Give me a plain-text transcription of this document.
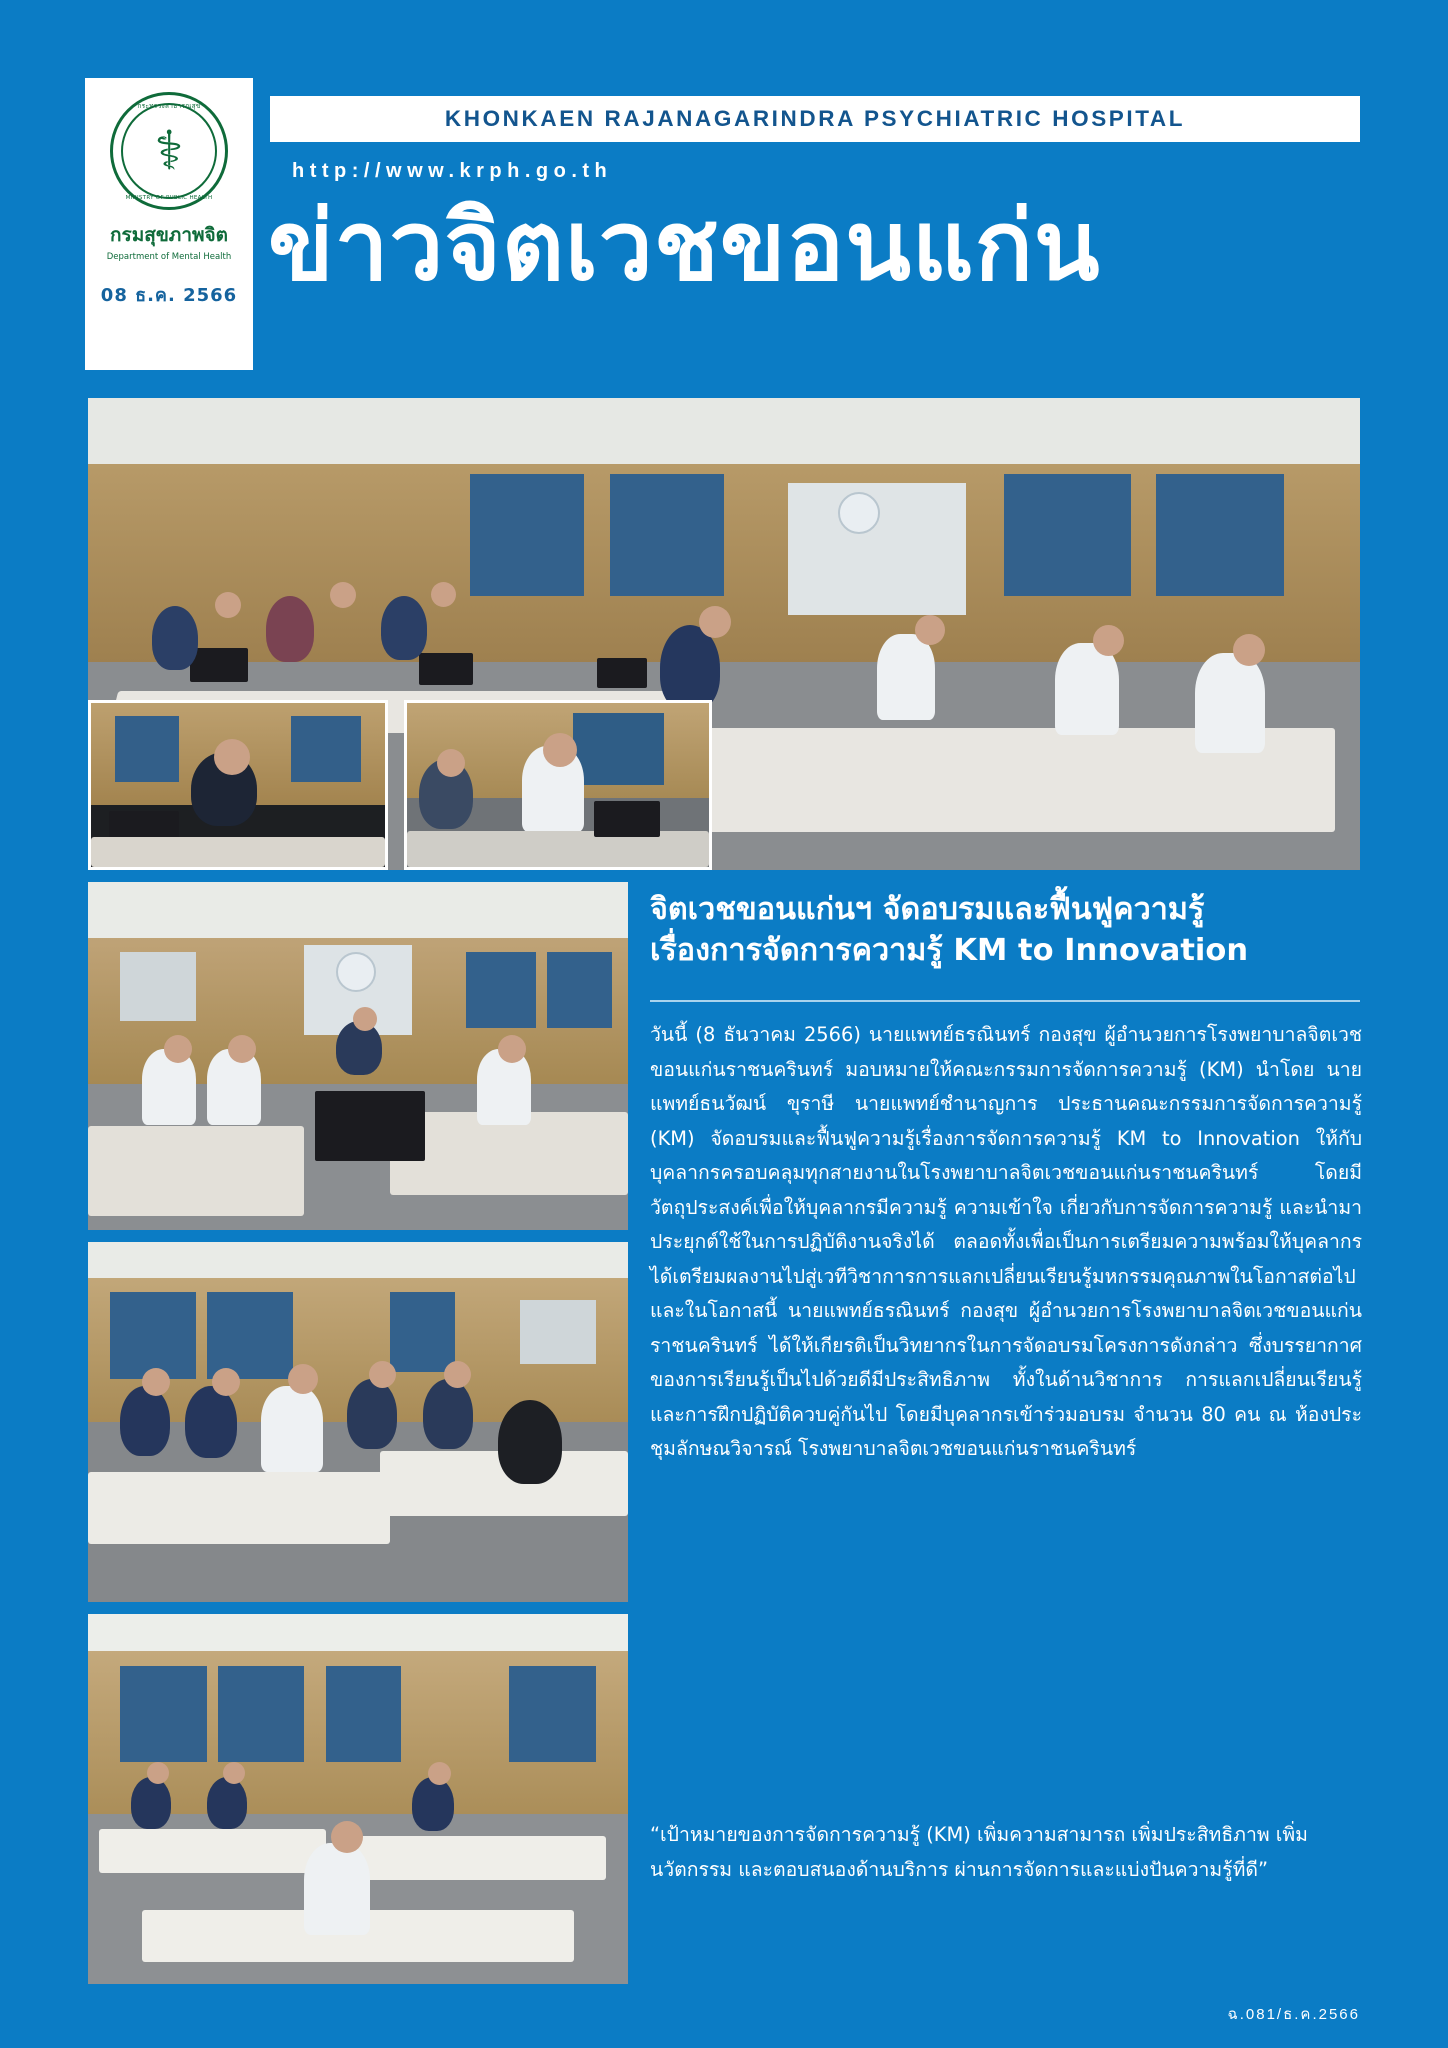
กระทรวงสาธารณสุข
⚕
MINISTRY OF PUBLIC HEALTH
กรมสุขภาพจิต
Department of Mental Health
08 ธ.ค. 2566
KHONKAEN RAJANAGARINDRA PSYCHIATRIC HOSPITAL
http://www.krph.go.th
ข่าวจิตเวชขอนแก่น
จิตเวชขอนแก่นฯ จัดอบรมและฟื้นฟูความรู้
เรื่องการจัดการความรู้ KM to Innovation
วันนี้ (8 ธันวาคม 2566) นายแพทย์ธรณินทร์ กองสุข ผู้อำนวยการโรงพยาบาลจิตเวชขอนแก่นราชนครินทร์ มอบหมายให้คณะกรรมการจัดการความรู้ (KM) นำโดย นายแพทย์ธนวัฒน์ ขุราษี นายแพทย์ชำนาญการ ประธานคณะกรรมการจัดการความรู้ (KM) จัดอบรมและฟื้นฟูความรู้เรื่องการจัดการความรู้ KM to Innovation ให้กับบุคลากรครอบคลุมทุกสายงานในโรงพยาบาลจิตเวชขอนแก่นราชนครินทร์ โดยมีวัตถุประสงค์เพื่อให้บุคลากรมีความรู้ ความเข้าใจ เกี่ยวกับการจัดการความรู้ และนำมาประยุกต์ใช้ในการปฏิบัติงานจริงได้ ตลอดทั้งเพื่อเป็นการเตรียมความพร้อมให้บุคลากรได้เตรียมผลงานไปสู่เวทีวิชาการการแลกเปลี่ยนเรียนรู้มหกรรมคุณภาพในโอกาสต่อไป และในโอกาสนี้ นายแพทย์ธรณินทร์ กองสุข ผู้อำนวยการโรงพยาบาลจิตเวชขอนแก่นราชนครินทร์ ได้ให้เกียรติเป็นวิทยากรในการจัดอบรมโครงการดังกล่าว ซึ่งบรรยากาศของการเรียนรู้เป็นไปด้วยดีมีประสิทธิภาพ ทั้งในด้านวิชาการ การแลกเปลี่ยนเรียนรู้ และการฝึกปฏิบัติควบคู่กันไป โดยมีบุคลากรเข้าร่วมอบรม จำนวน 80 คน ณ ห้องประชุมลักษณวิจารณ์ โรงพยาบาลจิตเวชขอนแก่นราชนครินทร์
“เป้าหมายของการจัดการความรู้ (KM) เพิ่มความสามารถ เพิ่มประสิทธิภาพ เพิ่มนวัตกรรม และตอบสนองด้านบริการ ผ่านการจัดการและแบ่งปันความรู้ที่ดี”
ฉ.081/ธ.ค.2566
